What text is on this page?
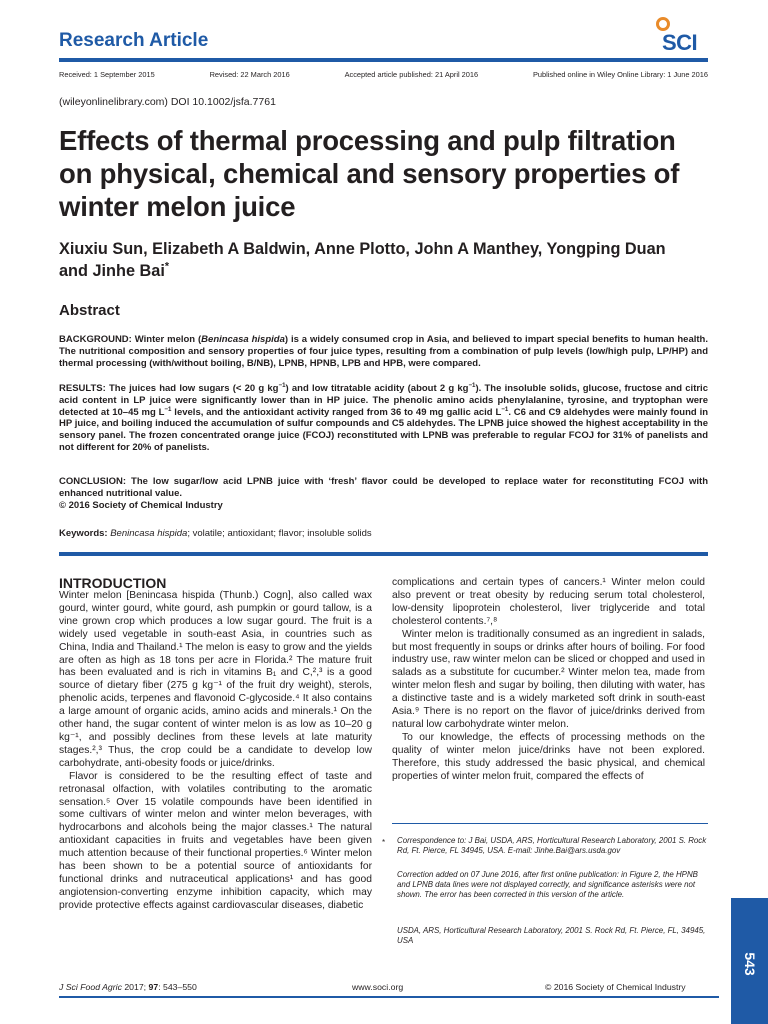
Research Article	SCI
Received: 1 September 2015	Revised: 22 March 2016	Accepted article published: 21 April 2016	Published online in Wiley Online Library: 1 June 2016
(wileyonlinelibrary.com) DOI 10.1002/jsfa.7761
Effects of thermal processing and pulp filtration on physical, chemical and sensory properties of winter melon juice
Xiuxiu Sun, Elizabeth A Baldwin, Anne Plotto, John A Manthey, Yongping Duan and Jinhe Bai*
Abstract
BACKGROUND: Winter melon (Benincasa hispida) is a widely consumed crop in Asia, and believed to impart special benefits to human health. The nutritional composition and sensory properties of four juice types, resulting from a combination of pulp levels (low/high pulp, LP/HP) and thermal processing (with/without boiling, B/NB), LPNB, HPNB, LPB and HPB, were compared.
RESULTS: The juices had low sugars (< 20 g $kg^{-1}$) and low titratable acidity (about 2 g $kg^{-1}$). The insoluble solids, glucose, fructose and citric acid content in LP juice were significantly lower than in HP juice. The phenolic amino acids phenylalanine, tyrosine, and tryptophan were detected at 10–45 mg $L^{-1}$ levels, and the antioxidant activity ranged from 36 to 49 mg gallic acid $L^{-1}$. C6 and C9 aldehydes were mainly found in HP juice, and boiling induced the accumulation of sulfur compounds and C5 aldehydes. The LPNB juice showed the highest acceptability in the sensory panel. The frozen concentrated orange juice (FCOJ) reconstituted with LPNB was preferable to regular FCOJ for 31% of panelists and not different for 20% of panelists.
CONCLUSION: The low sugar/low acid LPNB juice with ‘fresh’ flavor could be developed to replace water for reconstituting FCOJ with enhanced nutritional value.
© 2016 Society of Chemical Industry
Keywords: Benincasa hispida; volatile; antioxidant; flavor; insoluble solids
INTRODUCTION

Winter melon [Benincasa hispida (Thunb.) Cogn], also called wax gourd, winter gourd, white gourd, ash pumpkin or gourd tallow, is a vine grown crop which produces a low sugar gourd. The fruit is a widely used vegetable in south-east Asia, in countries such as China, India and Thailand.¹ The melon is easy to grow and the yields are often as high as 18 tons per acre in Florida.² The mature fruit has been evaluated and is rich in vitamins B₁ and C,²,³ is a good source of dietary fiber (275 g kg⁻¹ of the fruit dry weight), sterols, phenolic acids, terpenes and flavonoid C-glycoside.⁴ It also contains a large amount of organic acids, amino acids and minerals.¹ On the other hand, the sugar content of winter melon is as low as 10–20 g kg⁻¹, and possibly declines from these levels at late maturity stages.²,³ Thus, the crop could be a candidate to develop low carbohydrate, anti-obesity foods or juice/drinks.

Flavor is considered to be the resulting effect of taste and retronasal olfaction, with volatiles contributing to the aromatic sensation.⁵ Over 15 volatile compounds have been identified in some cultivars of winter melon and winter melon beverages, with hydrocarbons and alcohols being the major classes.¹ The natural antioxidant capacities in fruits and vegetables have been given much attention because of their functional properties.⁶ Winter melon has been shown to be a potential source of antioxidants for functional drinks and nutraceutical applications¹ and has good angiotension-converting enzyme inhibition capacity, which may provide protective effects against cardiovascular diseases, diabetic

complications and certain types of cancers.¹ Winter melon could also prevent or treat obesity by reducing serum total cholesterol, low-density lipoprotein cholesterol, liver triglyceride and total cholesterol contents.⁷,⁸

Winter melon is traditionally consumed as an ingredient in salads, but most frequently in soups or drinks after hours of boiling. For food industry use, raw winter melon can be sliced or chopped and used in salads as a substitute for cucumber.² Winter melon tea, made from winter melon flesh and sugar by boiling, then diluting with water, has a distinctive taste and is a widely marketed soft drink in south-east Asia.⁹ There is no report on the flavor of juice/drinks derived from natural low carbohydrate winter melon.

To our knowledge, the effects of processing methods on the quality of winter melon juice/drinks have not been explored. Therefore, this study addressed the basic physical, and chemical properties of winter melon fruit, compared the effects of

* Correspondence to: J Bai, USDA, ARS, Horticultural Research Laboratory, 2001 S. Rock Rd, Ft. Pierce, FL 34945, USA. E-mail: Jinhe.Bai@ars.usda.gov
Correction added on 07 June 2016, after first online publication: in Figure 2, the HPNB and LPNB data lines were not displayed correctly, and significance asterisks were not shown. The error has been corrected in this version of the article.
USDA, ARS, Horticultural Research Laboratory, 2001 S. Rock Rd, Ft. Pierce, FL, 34945, USA
J Sci Food Agric 2017; 97: 543–550	www.soci.org	© 2016 Society of Chemical Industry
543
